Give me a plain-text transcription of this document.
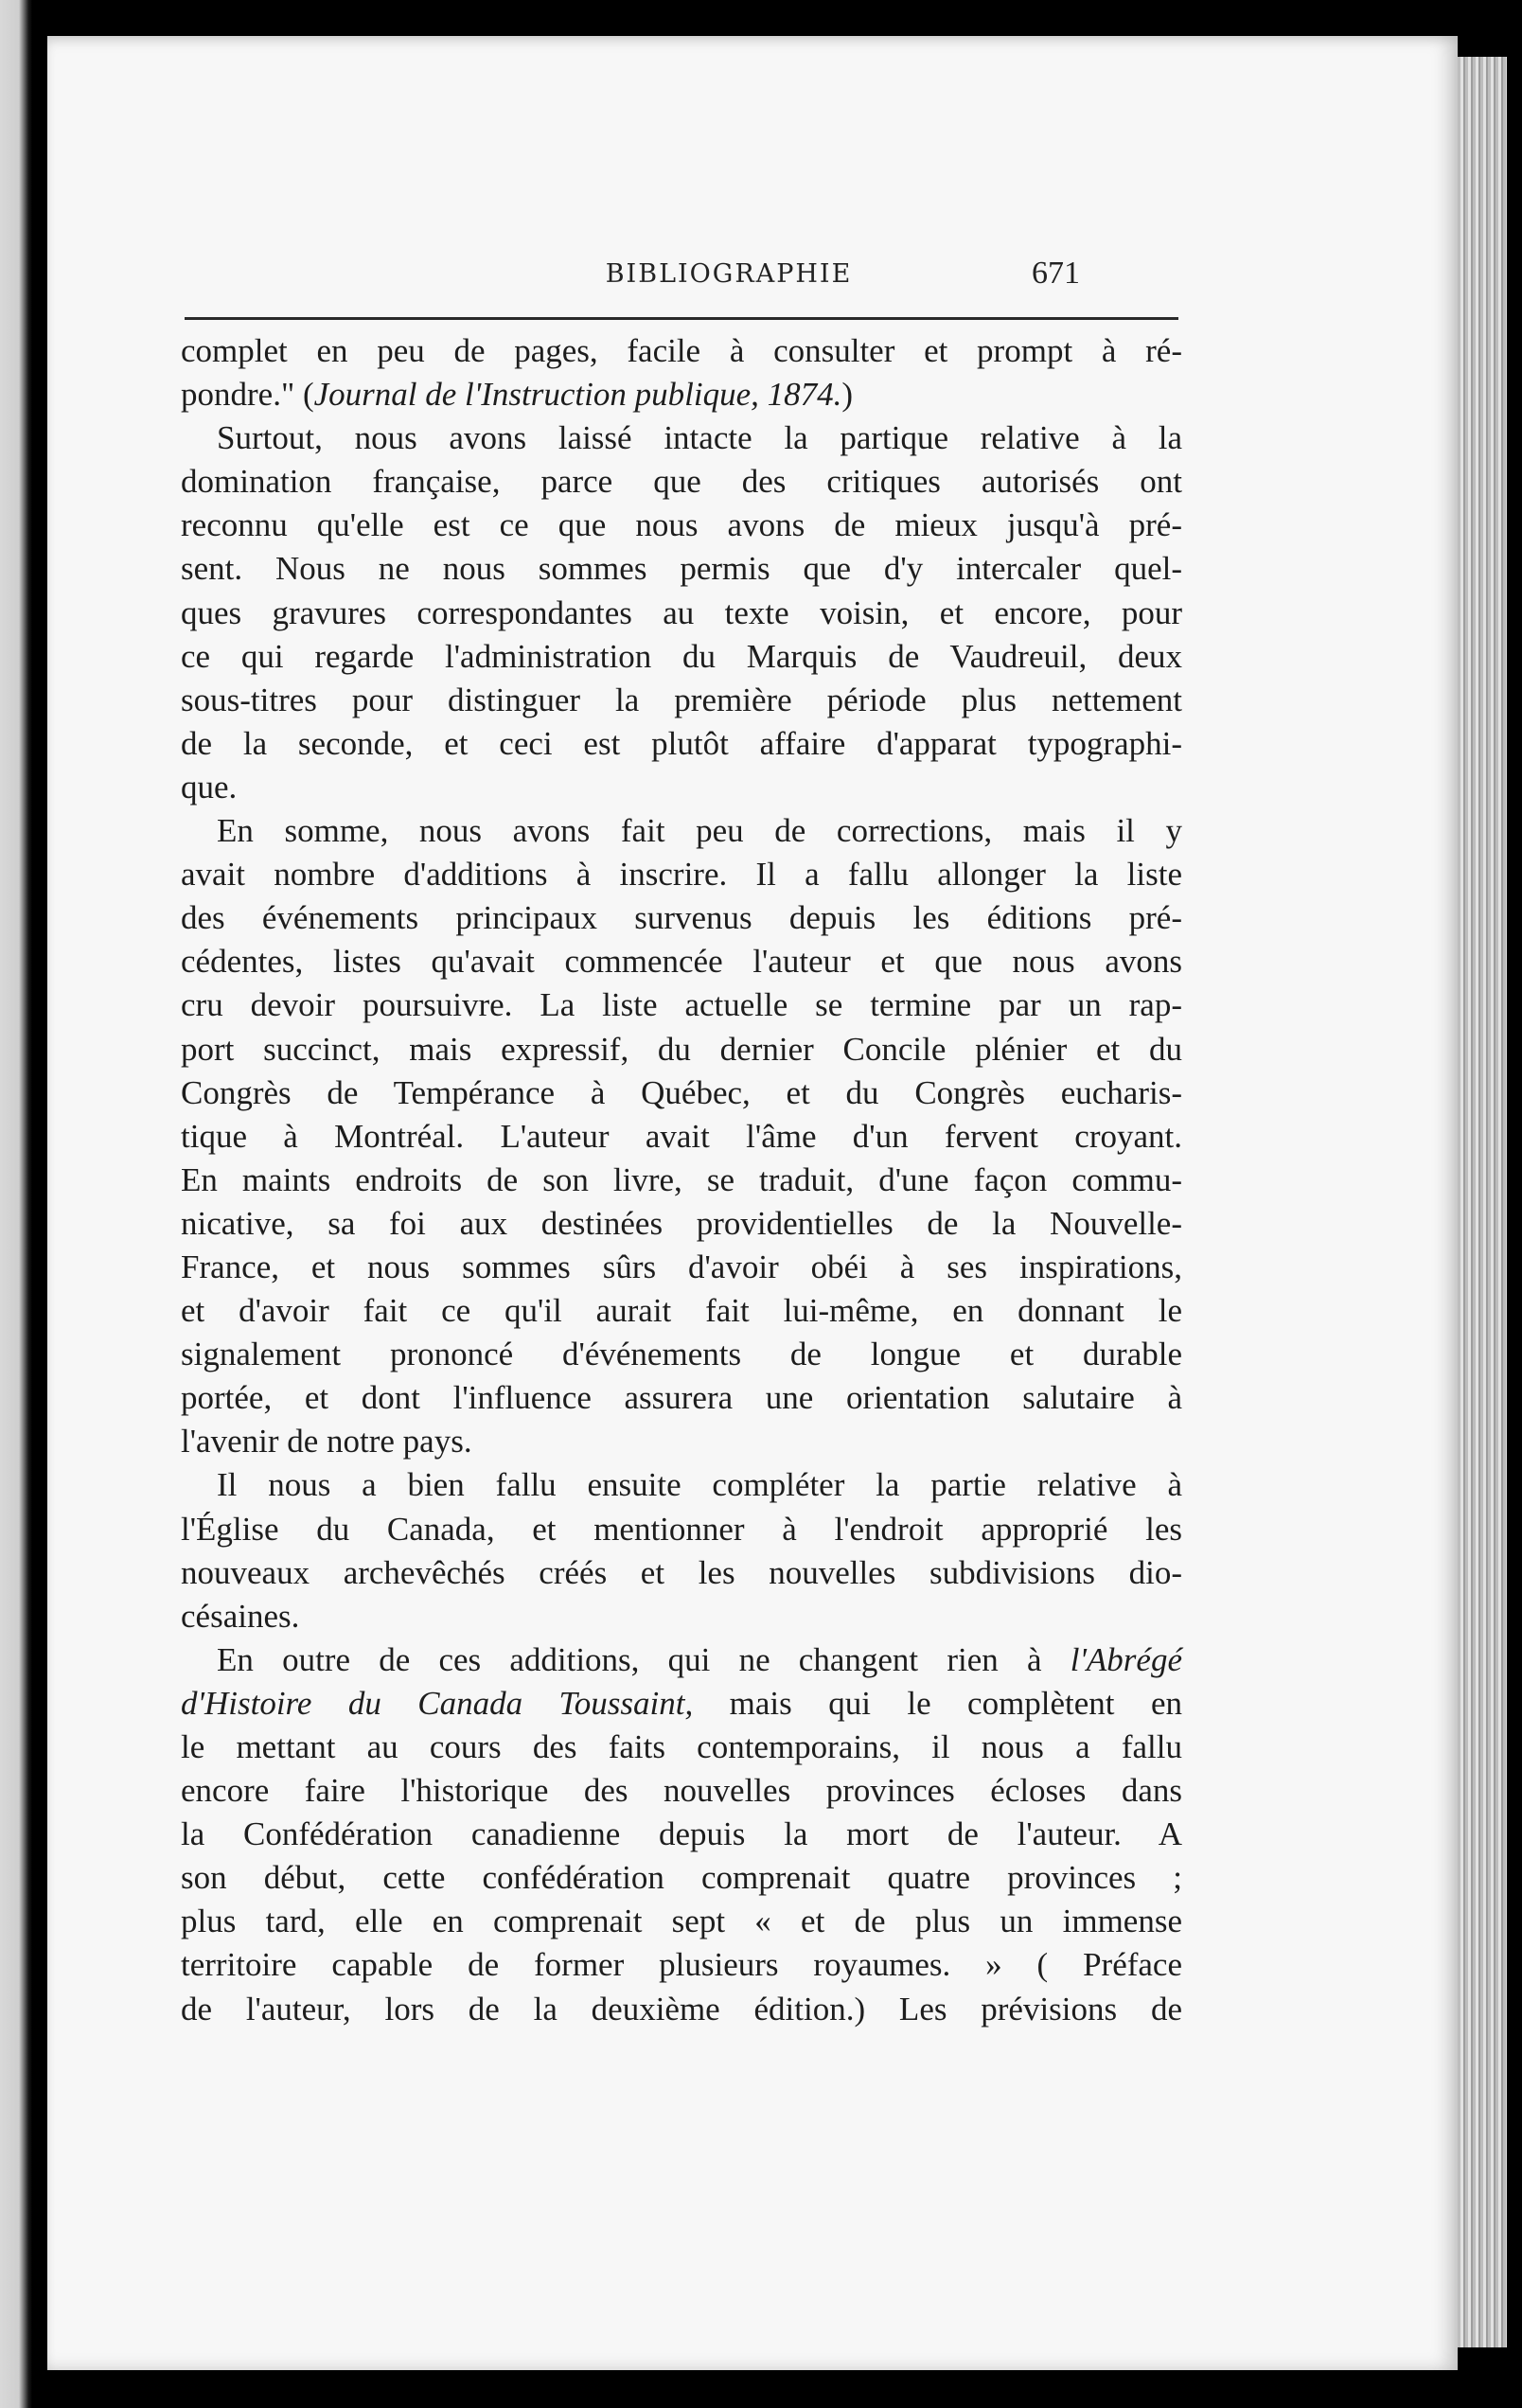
BIBLIOGRAPHIE	671
complet en peu de pages, facile à consulter et prompt à ré-
pondre." (Journal de l'Instruction publique, 1874.)
Surtout, nous avons laissé intacte la partique relative à la
domination française, parce que des critiques autorisés ont
reconnu qu'elle est ce que nous avons de mieux jusqu'à pré-
sent. Nous ne nous sommes permis que d'y intercaler quel-
ques gravures correspondantes au texte voisin, et encore, pour
ce qui regarde l'administration du Marquis de Vaudreuil, deux
sous-titres pour distinguer la première période plus nettement
de la seconde, et ceci est plutôt affaire d'apparat typographi-
que.
En somme, nous avons fait peu de corrections, mais il y
avait nombre d'additions à inscrire. Il a fallu allonger la liste
des événements principaux survenus depuis les éditions pré-
cédentes, listes qu'avait commencée l'auteur et que nous avons
cru devoir poursuivre. La liste actuelle se termine par un rap-
port succinct, mais expressif, du dernier Concile plénier et du
Congrès de Tempérance à Québec, et du Congrès eucharis-
tique à Montréal. L'auteur avait l'âme d'un fervent croyant.
En maints endroits de son livre, se traduit, d'une façon commu-
nicative, sa foi aux destinées providentielles de la Nouvelle-
France, et nous sommes sûrs d'avoir obéi à ses inspirations,
et d'avoir fait ce qu'il aurait fait lui-même, en donnant le
signalement prononcé d'événements de longue et durable
portée, et dont l'influence assurera une orientation salutaire à
l'avenir de notre pays.
Il nous a bien fallu ensuite compléter la partie relative à
l'Église du Canada, et mentionner à l'endroit approprié les
nouveaux archevêchés créés et les nouvelles subdivisions dio-
césaines.
En outre de ces additions, qui ne changent rien à l'Abrégé
d'Histoire du Canada Toussaint, mais qui le complètent en
le mettant au cours des faits contemporains, il nous a fallu
encore faire l'historique des nouvelles provinces écloses dans
la Confédération canadienne depuis la mort de l'auteur. A
son début, cette confédération comprenait quatre provinces ;
plus tard, elle en comprenait sept « et de plus un immense
territoire capable de former plusieurs royaumes. » ( Préface
de l'auteur, lors de la deuxième édition.) Les prévisions de
